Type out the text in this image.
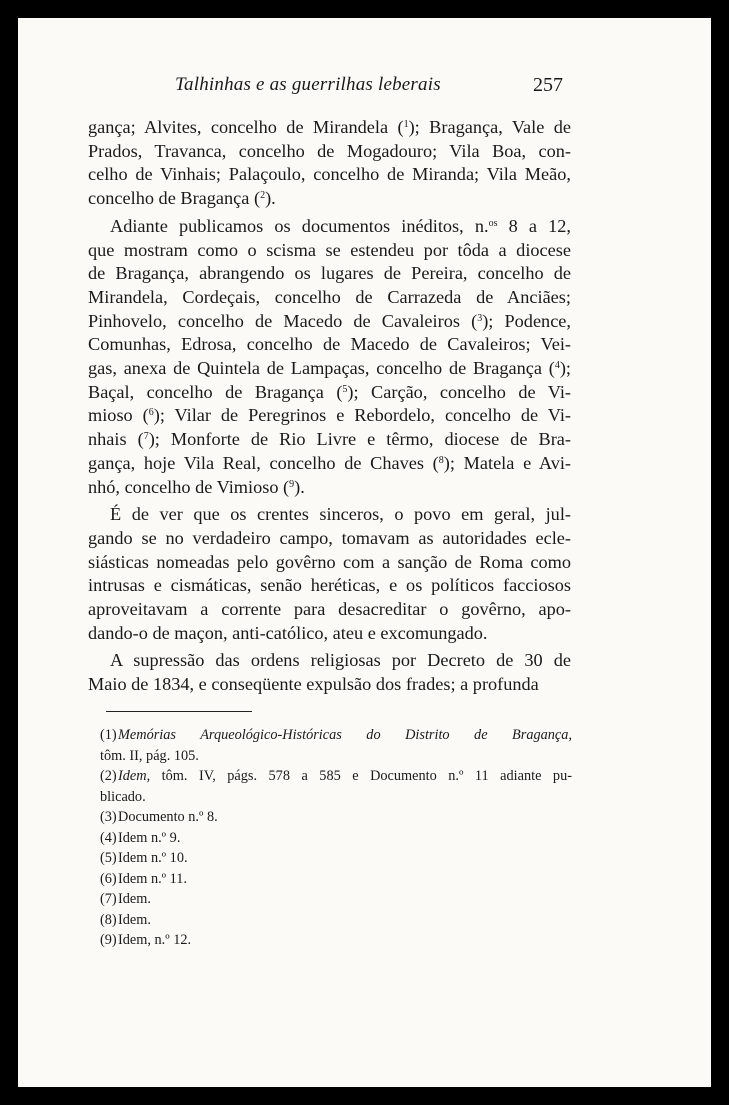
Talhinhas e as guerrilhas leberais	257
gança; Alvites, concelho de Mirandela ($^1$); Bragança, Vale de
Prados, Travanca, concelho de Mogadouro; Vila Boa, con-
celho de Vinhais; Palaçoulo, concelho de Miranda; Vila Meão,
concelho de Bragança ($^2$).
Adiante publicamos os documentos inéditos, n.$^{os}$ 8 a 12,
que mostram como o scisma se estendeu por tôda a diocese
de Bragança, abrangendo os lugares de Pereira, concelho de
Mirandela, Cordeçais, concelho de Carrazeda de Anciães;
Pinhovelo, concelho de Macedo de Cavaleiros ($^3$); Podence,
Comunhas, Edrosa, concelho de Macedo de Cavaleiros; Vei-
gas, anexa de Quintela de Lampaças, concelho de Bragança ($^4$);
Baçal, concelho de Bragança ($^5$); Carção, concelho de Vi-
mioso ($^6$); Vilar de Peregrinos e Rebordelo, concelho de Vi-
nhais ($^7$); Monforte de Rio Livre e têrmo, diocese de Bra-
gança, hoje Vila Real, concelho de Chaves ($^8$); Matela e Avi-
nhó, concelho de Vimioso ($^9$).
É de ver que os crentes sinceros, o povo em geral, jul-
gando se no verdadeiro campo, tomavam as autoridades ecle-
siásticas nomeadas pelo govêrno com a sanção de Roma como
intrusas e cismáticas, senão heréticas, e os políticos facciosos
aproveitavam a corrente para desacreditar o govêrno, apo-
dando-o de maçon, anti-católico, ateu e excomungado.
A supressão das ordens religiosas por Decreto de 30 de
Maio de 1834, e conseqüente expulsão dos frades; a profunda
(1)Memórias Arqueológico-Históricas do Distrito de Bragança,
tôm. II, pág. 105.
(2)Idem, tôm. IV, págs. 578 a 585 e Documento n.º 11 adiante pu-
blicado.
(3)Documento n.º 8.
(4)Idem n.º 9.
(5)Idem n.º 10.
(6)Idem n.º 11.
(7)Idem.
(8)Idem.
(9)Idem, n.º 12.
